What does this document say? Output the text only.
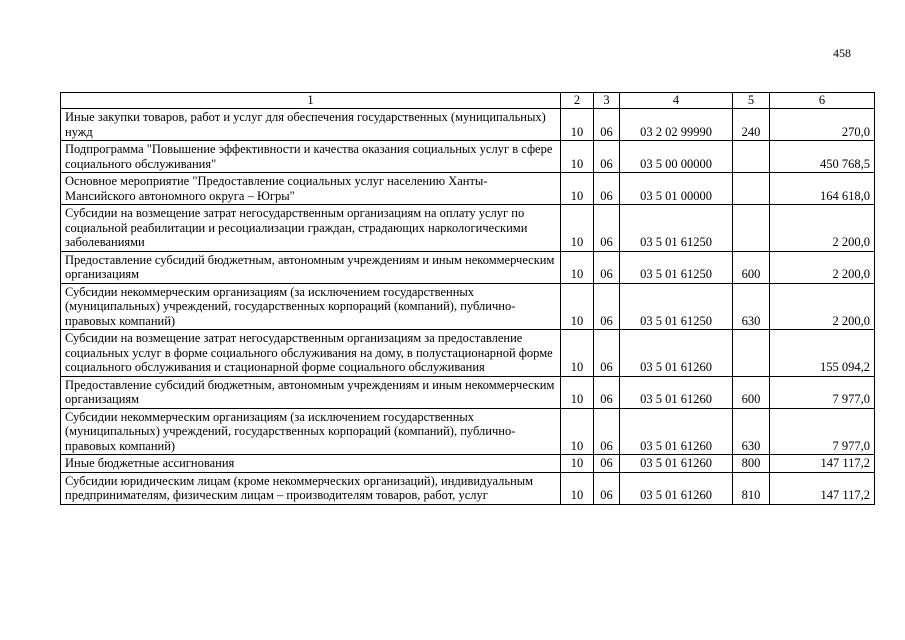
458
1	2	3	4	5	6
Иные закупки товаров, работ и услуг для обеспечения государственных (муниципальных) нужд	10	06	03 2 02 99990	240	270,0
Подпрограмма "Повышение эффективности и качества оказания социальных услуг в сфере социального обслуживания"	10	06	03 5 00 00000		450 768,5
Основное мероприятие "Предоставление социальных услуг населению Ханты-Мансийского автономного округа – Югры"	10	06	03 5 01 00000		164 618,0
Субсидии на возмещение затрат негосударственным организациям на оплату услуг по социальной реабилитации и ресоциализации граждан, страдающих наркологическими заболеваниями	10	06	03 5 01 61250		2 200,0
Предоставление субсидий бюджетным, автономным учреждениям и иным некоммерческим организациям	10	06	03 5 01 61250	600	2 200,0
Субсидии некоммерческим организациям (за исключением государственных (муниципальных) учреждений, государственных корпораций (компаний), публично-правовых компаний)	10	06	03 5 01 61250	630	2 200,0
Субсидии на возмещение затрат негосударственным организациям за предоставление социальных услуг в форме социального обслуживания на дому, в полустационарной форме социального обслуживания и стационарной форме социального обслуживания	10	06	03 5 01 61260		155 094,2
Предоставление субсидий бюджетным, автономным учреждениям и иным некоммерческим организациям	10	06	03 5 01 61260	600	7 977,0
Субсидии некоммерческим организациям (за исключением государственных (муниципальных) учреждений, государственных корпораций (компаний), публично-правовых компаний)	10	06	03 5 01 61260	630	7 977,0
Иные бюджетные ассигнования	10	06	03 5 01 61260	800	147 117,2
Субсидии юридическим лицам (кроме некоммерческих организаций), индивидуальным предпринимателям, физическим лицам – производителям товаров, работ, услуг	10	06	03 5 01 61260	810	147 117,2
